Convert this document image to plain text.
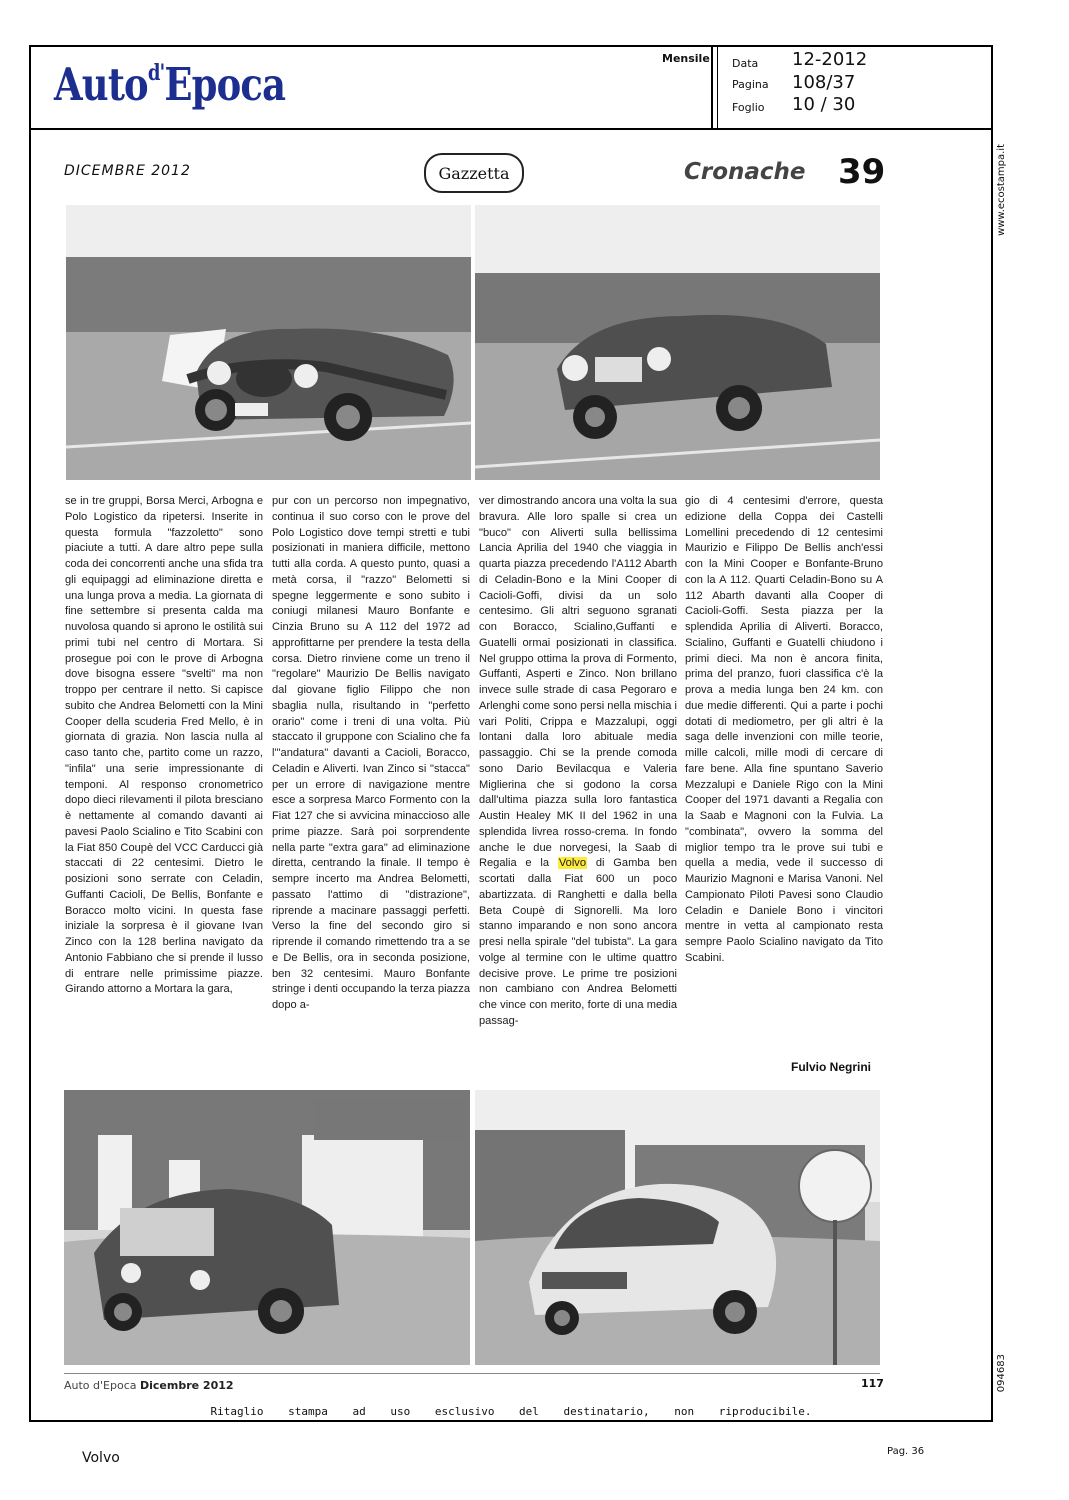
Auto$^{d'}$Epoca	Mensile Data 12-2012
Pagina 108/37
Foglio 10 / 30
www.ecostampa.it
094683
DICEMBRE 2012	Gazzetta	Cronache 39

se in tre gruppi, Borsa Merci, Arbogna e Polo Logistico da ripetersi. Inserite in questa formula "fazzoletto" sono piaciute a tutti. A dare altro pepe sulla coda dei concorrenti anche una sfida tra gli equipaggi ad eliminazione diretta e una lunga prova a media. La giornata di fine settembre si presenta calda ma nuvolosa quando si aprono le ostilità sui primi tubi nel centro di Mortara. Si prosegue poi con le prove di Arbogna dove bisogna essere "svelti" ma non troppo per centrare il netto. Si capisce subito che Andrea Belometti con la Mini Cooper della scuderia Fred Mello, è in giornata di grazia. Non lascia nulla al caso tanto che, partito come un razzo, "infila" una serie impressionante di temponi. Al responso cronometrico dopo dieci rilevamenti il pilota bresciano è nettamente al comando davanti ai pavesi Paolo Scialino e Tito Scabini con la Fiat 850 Coupè del VCC Carducci già staccati di 22 centesimi. Dietro le posizioni sono serrate con Celadin, Guffanti Cacioli, De Bellis, Bonfante e Boracco molto vicini. In questa fase iniziale la sorpresa è il giovane Ivan Zinco con la 128 berlina navigato da Antonio Fabbiano che si prende il lusso di entrare nelle primissime piazze. Girando attorno a Mortara la gara,

pur con un percorso non impegnativo, continua il suo corso con le prove del Polo Logistico dove tempi stretti e tubi posizionati in maniera difficile, mettono tutti alla corda. A questo punto, quasi a metà corsa, il "razzo" Belometti si spegne leggermente e sono subito i coniugi milanesi Mauro Bonfante e Cinzia Bruno su A 112 del 1972 ad approfittarne per prendere la testa della corsa. Dietro rinviene come un treno il "regolare" Maurizio De Bellis navigato dal giovane figlio Filippo che non sbaglia nulla, risultando in "perfetto orario" come i treni di una volta. Più staccato il gruppone con Scialino che fa l'"andatura" davanti a Cacioli, Boracco, Celadin e Aliverti. Ivan Zinco si "stacca" per un errore di navigazione mentre esce a sorpresa Marco Formento con la Fiat 127 che si avvicina minacciosо alle prime piazze. Sarà poi sorprendente nella parte "extra gara" ad eliminazione diretta, centrando la finale. Il tempo è sempre incerto ma Andrea Belometti, passato l'attimo di "distrazione", riprende a macinare passaggi perfetti. Verso la fine del secondo giro si riprende il comando rimettendo tra a se e De Bellis, ora in seconda posizione, ben 32 centesimi. Mauro Bonfante stringe i denti occupando la terza piazza dopo a-

ver dimostrando ancora una volta la sua bravura. Alle loro spalle si crea un "buco" con Aliverti sulla bellissima Lancia Aprilia del 1940 che viaggia in quarta piazza precedendo l'A112 Abarth di Celadin-Bono e la Mini Cooper di Cacioli-Goffi, divisi da un solo centesimo. Gli altri seguono sgranati con Boracco, Scialino,Guffanti e Guatelli ormai posizionati in classifica. Nel gruppo ottima la prova di Formento, Guffanti, Asperti e Zincо. Non brillano invece sulle strade di casa Pegoraro e Arlenghi come sono persi nella mischia i vari Politi, Crippa e Mazzalupi, oggi lontani dalla loro abituale media passaggio. Chi se la prende comoda sono Dario Bevilacqua e Valeria Miglierina che si godono la corsa dall'ultima piazza sulla loro fantastica Austin Healey MK II del 1962 in una splendida livrea rosso-crema. In fondo anche le due norvegesi, la Saab di Regalia e la Volvo di Gamba ben scortati dalla Fiat 600 un poco abartizzata. di Ranghetti e dalla bella Beta Coupè di Signorelli. Ma loro stanno imparando e non sono ancora presi nella spirale "del tubista". La gara volge al termine con le ultime quattro decisive prove. Le prime tre posizioni non cambiano con Andrea Belometti che vince con merito, forte di una media passag-

gio di 4 centesimi d'errore, questa edizione della Coppa dei Castelli Lomellini precedendo di 12 centesimi Maurizio e Filippo De Bellis anch'essi con la Mini Cooper e Bonfante-Bruno con la A 112. Quarti Celadin-Bono su A 112 Abarth davanti alla Cooper di Cacioli-Goffi. Sesta piazza per la splendida Aprilia di Aliverti. Boracco, Scialino, Guffanti e Guatelli chiudono i primi dieci. Ma non è ancora finita, prima del pranzo, fuori classifica c'è la prova a media lunga ben 24 km. con due medie differenti. Qui a parte i pochi dotati di mediometro, per gli altri è la saga delle invenzioni con mille teorie, mille calcoli, mille modi di cercare di fare bene. Alla fine spuntano Saverio Mezzalupi e Daniele Rigo con la Mini Cooper del 1971 davanti a Regalia con la Saab e Magnoni con la Fulvia. La "combinata", ovvero la somma del miglior tempo tra le prove sui tubi e quella a media, vede il successo di Maurizio Magnoni e Marisa Vanoni. Nel Campionato Piloti Pavesi sono Claudio Celadin e Daniele Bono i vincitori mentre in vetta al campionato resta sempre Paolo Scialino navigato da Tito Scabini.

Fulvio Negrini
Auto d'Epoca Dicembre 2012	117
Ritaglio stampa ad uso esclusivo del destinatario, non riproducibile.
Volvo	Pag. 36
